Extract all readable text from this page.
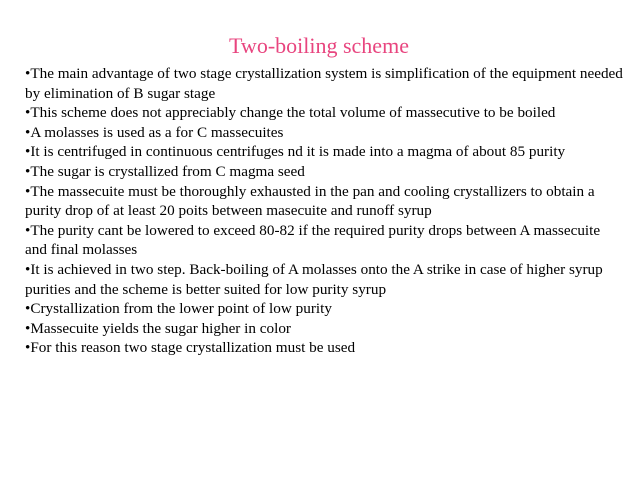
Two-boiling scheme
•The main advantage of two stage crystallization system is simplification of the equipment needed by elimination of B sugar stage
•This scheme does not appreciably change the total volume of massecutive to be boiled
•A molasses is used as a for C massecuites
•It is centrifuged in continuous centrifuges nd it is made into a magma of about 85 purity
•The sugar is crystallized from C magma seed
•The massecuite must be thoroughly exhausted in the pan and cooling crystallizers to obtain a purity drop of at least 20 poits between masecuite and runoff syrup
•The purity cant be lowered to exceed 80-82 if the required purity drops between A massecuite and final molasses
•It is achieved in two step. Back-boiling of A molasses onto the A strike in case of higher syrup purities and the scheme is better suited for low purity syrup
•Crystallization from the lower point of low purity
•Massecuite yields the sugar higher in color
•For this reason two stage crystallization must be used
